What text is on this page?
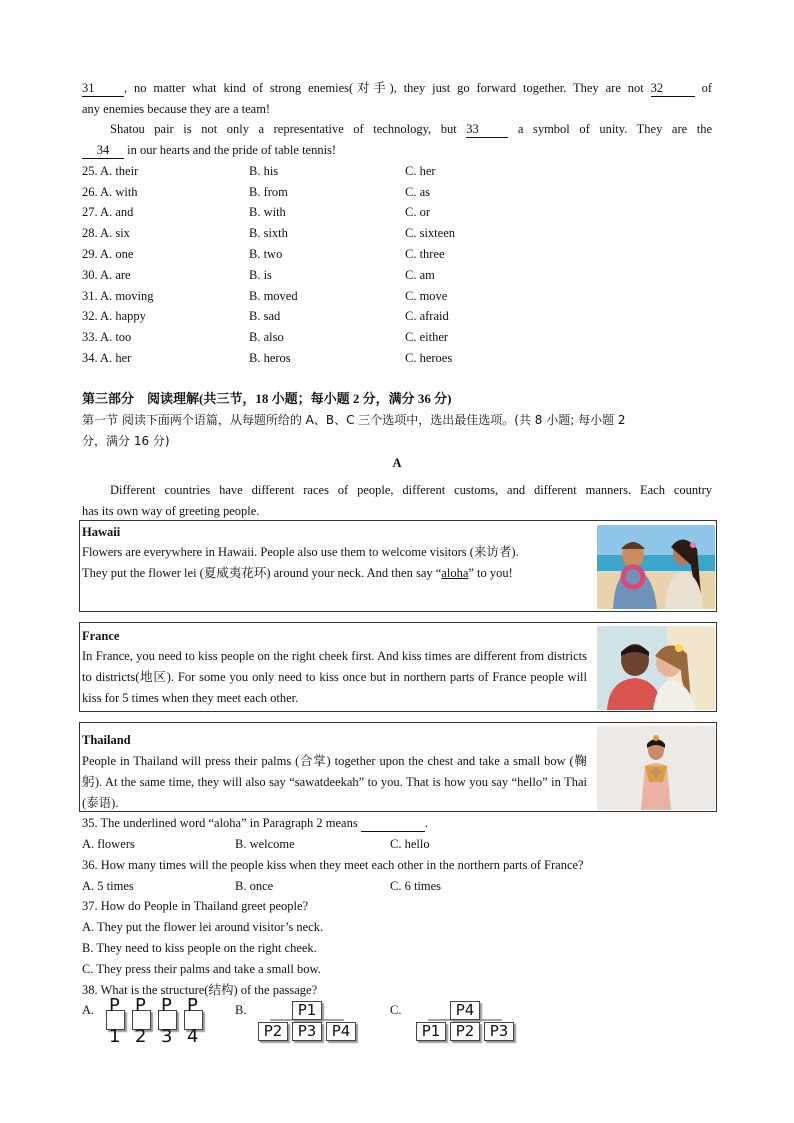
31 , no matter what kind of strong enemies(对手), they just go forward together. They are not 32	of
any enemies because they are a team!
Shatou pair is not only a representative of technology, but 33	a symbol of unity. They are the
34 in our hearts and the pride of table tennis!
25. A. their	B. his	C. her
26. A. with	B. from	C. as
27. A. and	B. with	C. or
28. A. six	B. sixth	C. sixteen
29. A. one	B. two	C. three
30. A. are	B. is	C. am
31. A. moving	B. moved	C. move
32. A. happy	B. sad	C. afraid
33. A. too	B. also	C. either
34. A. her	B. heros	C. heroes
第三部分　阅读理解(共三节，18 小题；每小题 2 分，满分 36 分)
第一节 阅读下面两个语篇，从每题所给的 A、B、C 三个选项中，选出最佳选项。(共 8 小题; 每小题 2
分，满分 16 分)
A
Different countries have different races of people, different customs, and different manners. Each country
has its own way of greeting people.
Hawaii
Flowers are everywhere in Hawaii. People also use them to welcome visitors (来访者).
They put the flower lei (夏威夷花环) around your neck. And then say “aloha” to you!
France
In France, you need to kiss people on the right cheek first. And kiss times are different from districts to districts(地区). For some you only need to kiss once but in northern parts of France people will kiss for 5 times when they meet each other.
Thailand
People in Thailand will press their palms (合掌) together upon the chest and take a small bow (鞠躬). At the same time, they will also say “sawatdeekah” to you. That is how you say “hello” in Thai (泰语).
35. The underlined word “aloha” in Paragraph 2 means	.
A. flowers	B. welcome	C. hello
36. How many times will the people kiss when they meet each other in the northern parts of France?
A. 5 times	B. once	C. 6 times
37. How do People in Thailand greet people?
A. They put the flower lei around visitor’s neck.
B. They need to kiss people on the right cheek.
C. They press their palms and take a small bow.
38. What is the structure(结构) of the passage?
A.	B.	C.
P P P P
1 2 3 4
P1
P2	P3	P4
P4
P1	P2	P3
